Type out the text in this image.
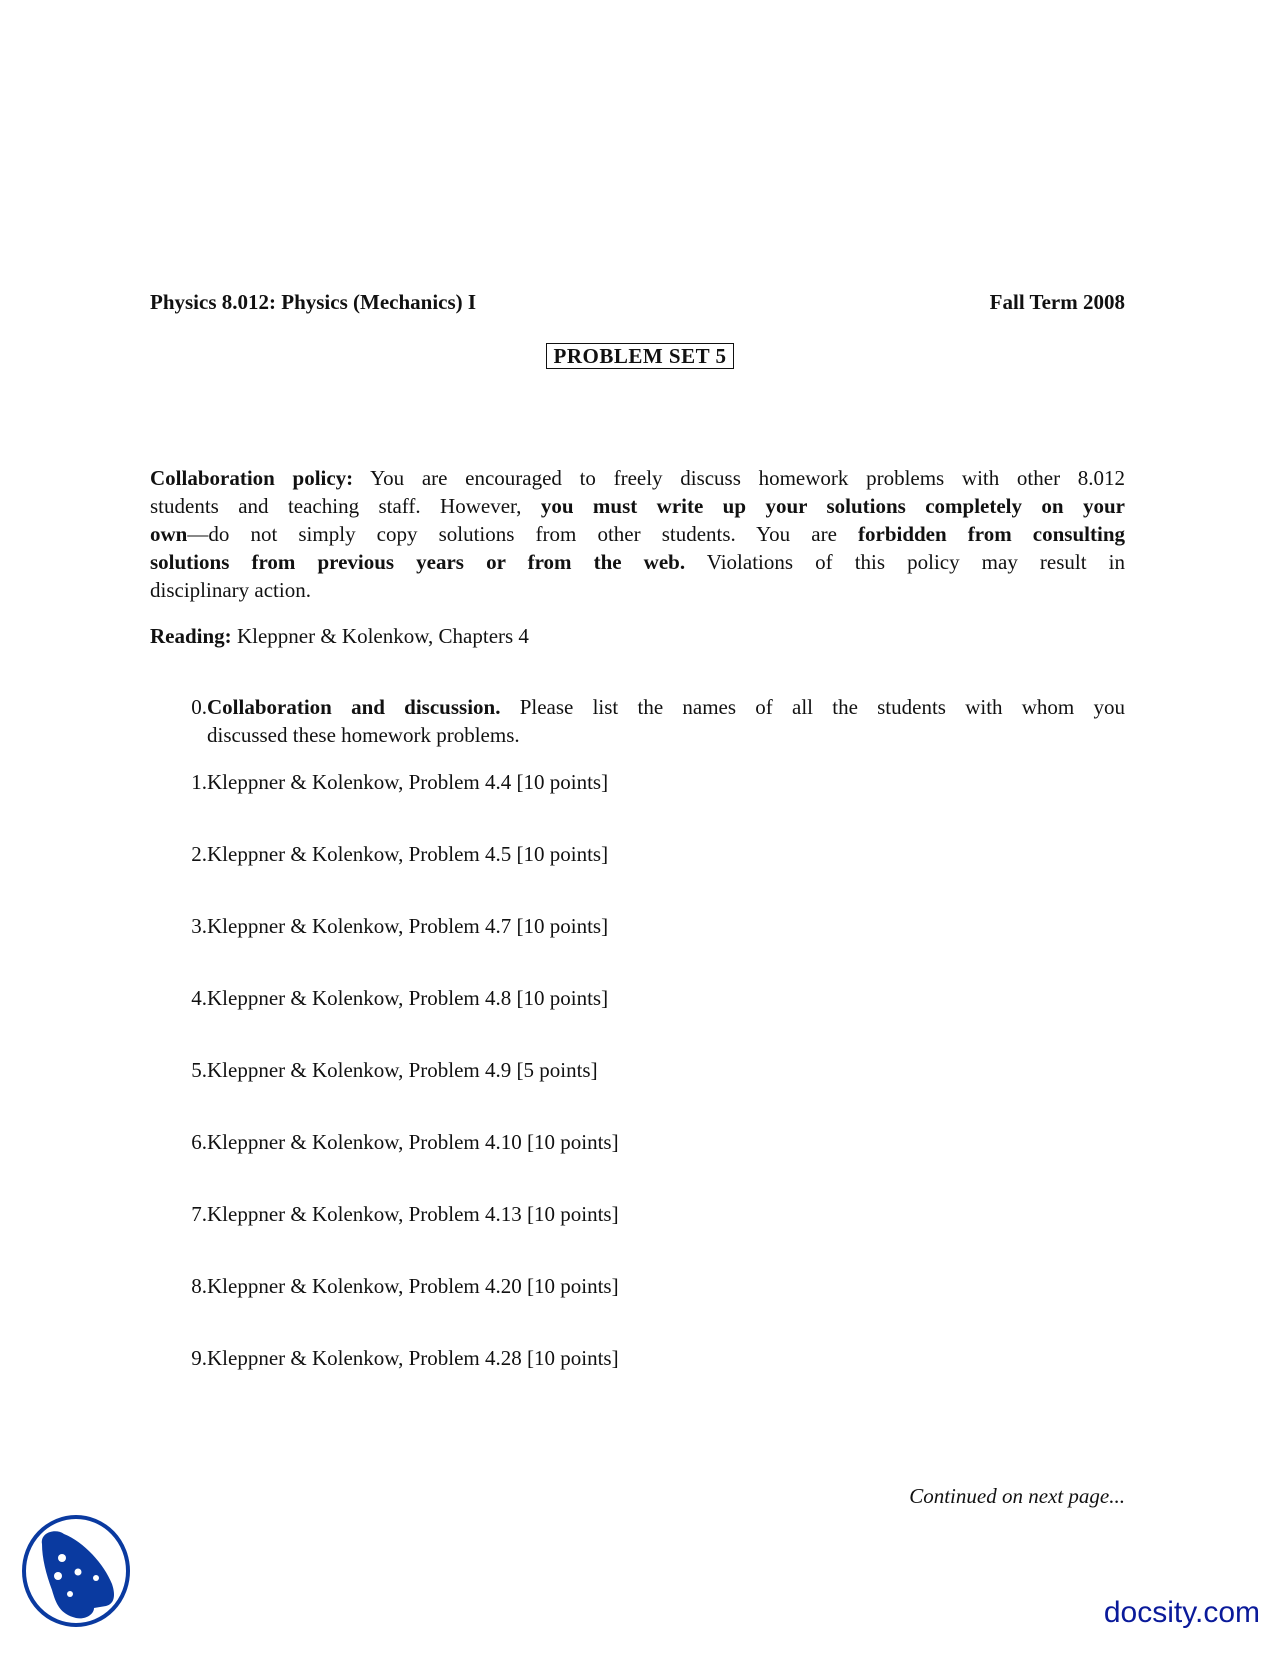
Physics 8.012: Physics (Mechanics) I	Fall Term 2008
PROBLEM SET 5
Collaboration policy: You are encouraged to freely discuss homework problems with other 8.012
students and teaching staff. However, you must write up your solutions completely on your
own—do not simply copy solutions from other students. You are forbidden from consulting
solutions from previous years or from the web. Violations of this policy may result in
disciplinary action.
Reading: Kleppner & Kolenkow, Chapters 4
0. Collaboration and discussion. Please list the names of all the students with whom you
discussed these homework problems.
1. Kleppner & Kolenkow, Problem 4.4 [10 points]
2. Kleppner & Kolenkow, Problem 4.5 [10 points]
3. Kleppner & Kolenkow, Problem 4.7 [10 points]
4. Kleppner & Kolenkow, Problem 4.8 [10 points]
5. Kleppner & Kolenkow, Problem 4.9 [5 points]
6. Kleppner & Kolenkow, Problem 4.10 [10 points]
7. Kleppner & Kolenkow, Problem 4.13 [10 points]
8. Kleppner & Kolenkow, Problem 4.20 [10 points]
9. Kleppner & Kolenkow, Problem 4.28 [10 points]
Continued on next page...
docsity.com
